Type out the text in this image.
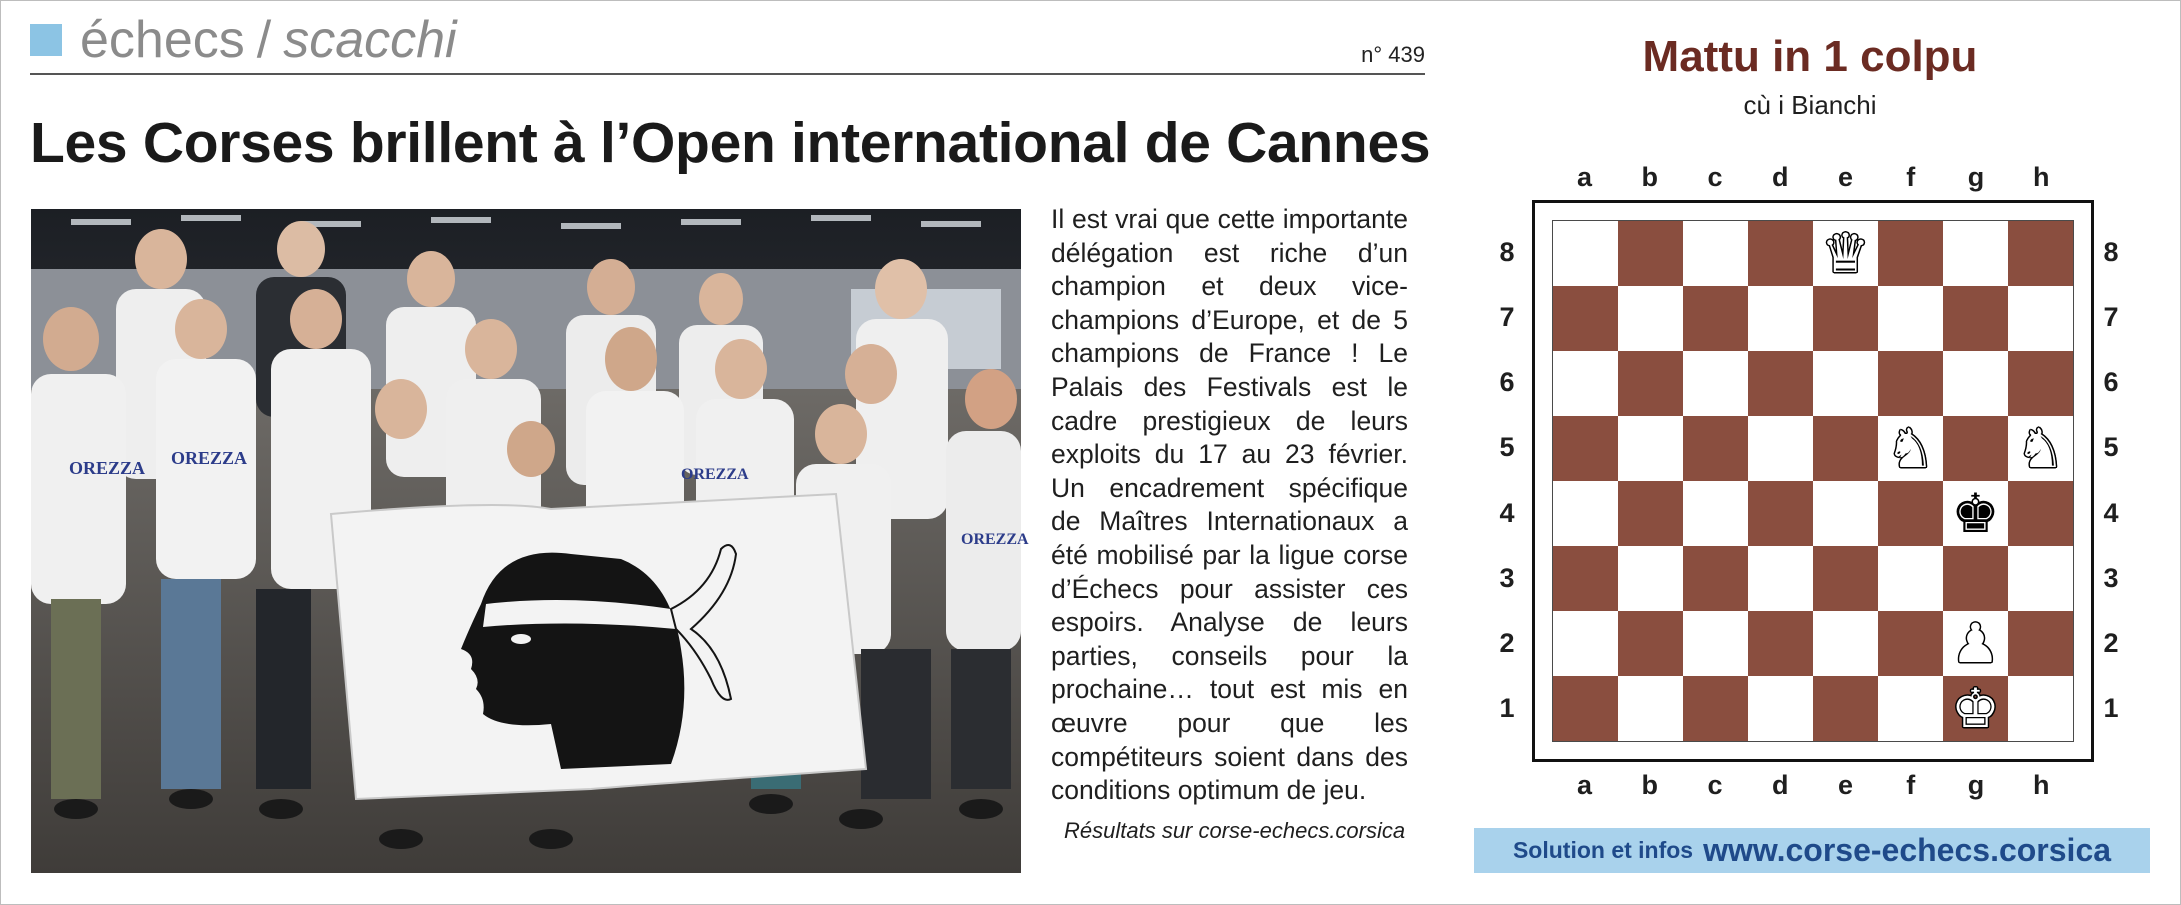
échecs / scacchi	n° 439
Les Corses brillent à l’Open international de Cannes
OREZZA OREZZA
OREZZA
OREZZA

Il est vrai que cette importante délégation est riche d’un champion et deux vice-champions d’Europe, et de 5 champions de France ! Le Palais des Festivals est le cadre prestigieux de leurs exploits du 17 au 23 février. Un encadrement spécifique de Maîtres Internationaux a été mobilisé par la ligue corse d’Échecs pour assister ces espoirs. Analyse de leurs parties, conseils pour la prochaine… tout est mis en œuvre pour que les compétiteurs soient dans des conditions optimum de jeu.

Résultats sur corse-echecs.corsica
Mattu in 1 colpu
cù i Bianchi
♛
♞ ♞
♚
♟
♚
a
a
b
b
c
c
d
d
e
e
f
f
g
g
h
h
8	8
7	7
6	6
5	5
4	4
3	3
2	2
1	1
Solution et infos www.corse-echecs.corsica
